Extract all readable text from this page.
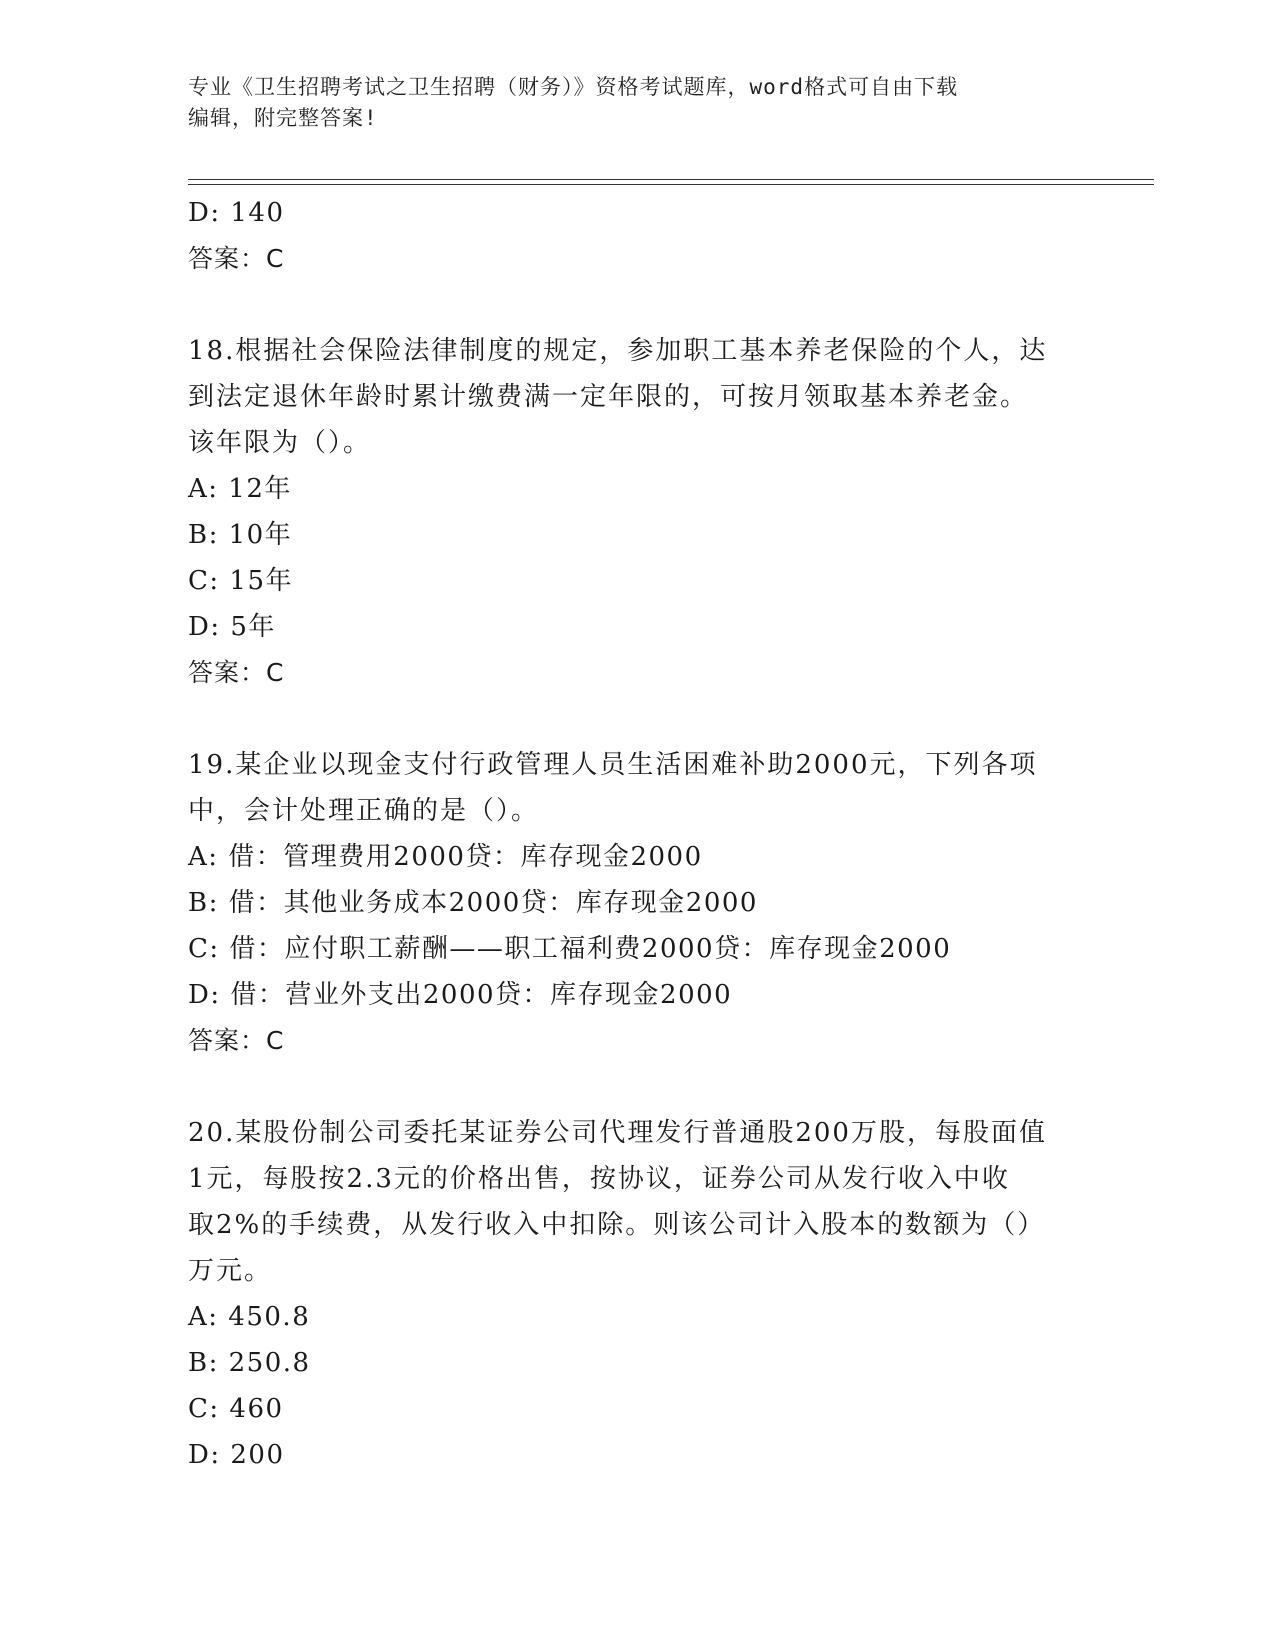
专业《卫生招聘考试之卫生招聘（财务）》资格考试题库，word格式可自由下载
编辑，附完整答案!
D: 140
答案：C
18.根据社会保险法律制度的规定，参加职工基本养老保险的个人，达
到法定退休年龄时累计缴费满一定年限的，可按月领取基本养老金。
该年限为（）。
A: 12年
B: 10年
C: 15年
D: 5年
答案：C
19.某企业以现金支付行政管理人员生活困难补助2000元，下列各项
中，会计处理正确的是（）。
A: 借：管理费用2000贷：库存现金2000
B: 借：其他业务成本2000贷：库存现金2000
C: 借：应付职工薪酬——职工福利费2000贷：库存现金2000
D: 借：营业外支出2000贷：库存现金2000
答案：C
20.某股份制公司委托某证券公司代理发行普通股200万股，每股面值
1元，每股按2.3元的价格出售，按协议，证券公司从发行收入中收
取2%的手续费，从发行收入中扣除。则该公司计入股本的数额为（）
万元。
A: 450.8
B: 250.8
C: 460
D: 200
